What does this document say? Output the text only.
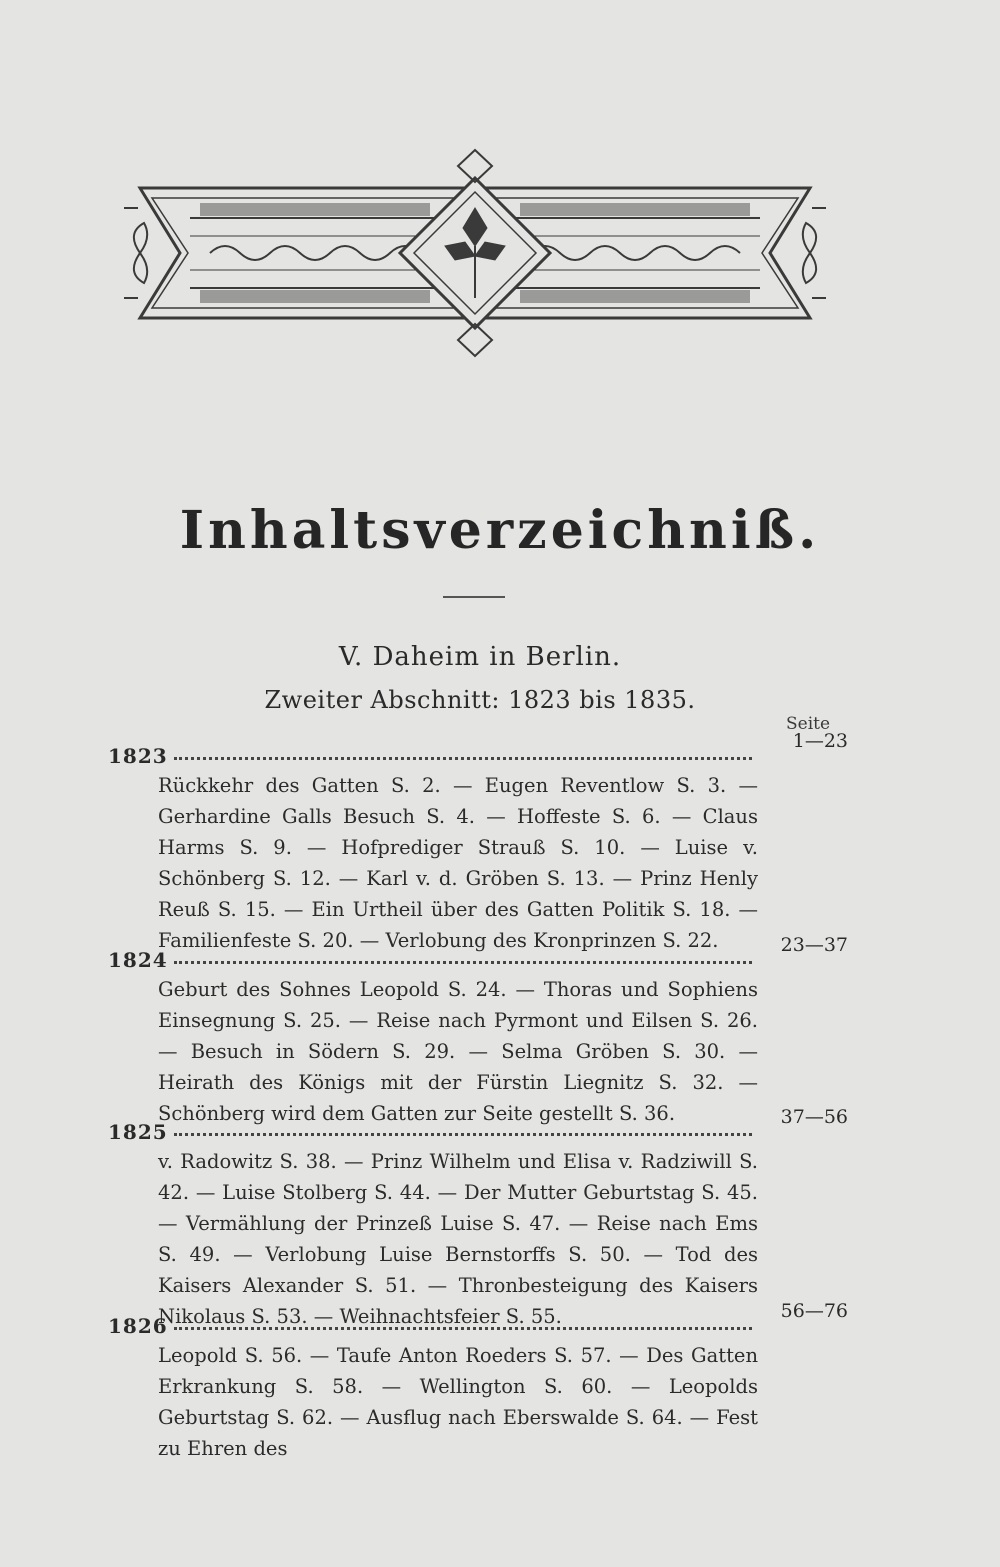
Inhaltsverzeichniß.
V. Daheim in Berlin.
Zweiter Abschnitt: 1823 bis 1835.
Seite
1823
1—23
Rückkehr des Gatten S. 2. — Eugen Reventlow S. 3. — Gerhardine Galls Besuch S. 4. — Hoffeste S. 6. — Claus Harms S. 9. — Hofprediger Strauß S. 10. — Luise v. Schönberg S. 12. — Karl v. d. Gröben S. 13. — Prinz Henly Reuß S. 15. — Ein Urtheil über des Gatten Politik S. 18. — Familienfeste S. 20. — Verlobung des Kronprinzen S. 22.
1824
23—37
Geburt des Sohnes Leopold S. 24. — Thoras und Sophiens Einsegnung S. 25. — Reise nach Pyrmont und Eilsen S. 26. — Besuch in Södern S. 29. — Selma Gröben S. 30. — Heirath des Königs mit der Fürstin Liegnitz S. 32. — Schönberg wird dem Gatten zur Seite gestellt S. 36.
1825
37—56
v. Radowitz S. 38. — Prinz Wilhelm und Elisa v. Radziwill S. 42. — Luise Stolberg S. 44. — Der Mutter Geburtstag S. 45. — Vermählung der Prinzeß Luise S. 47. — Reise nach Ems S. 49. — Verlobung Luise Bernstorffs S. 50. — Tod des Kaisers Alexander S. 51. — Thronbesteigung des Kaisers Nikolaus S. 53. — Weihnachtsfeier S. 55.
1826
56—76
Leopold S. 56. — Taufe Anton Roeders S. 57. — Des Gatten Erkrankung S. 58. — Wellington S. 60. — Leopolds Geburtstag S. 62. — Ausflug nach Eberswalde S. 64. — Fest zu Ehren des
